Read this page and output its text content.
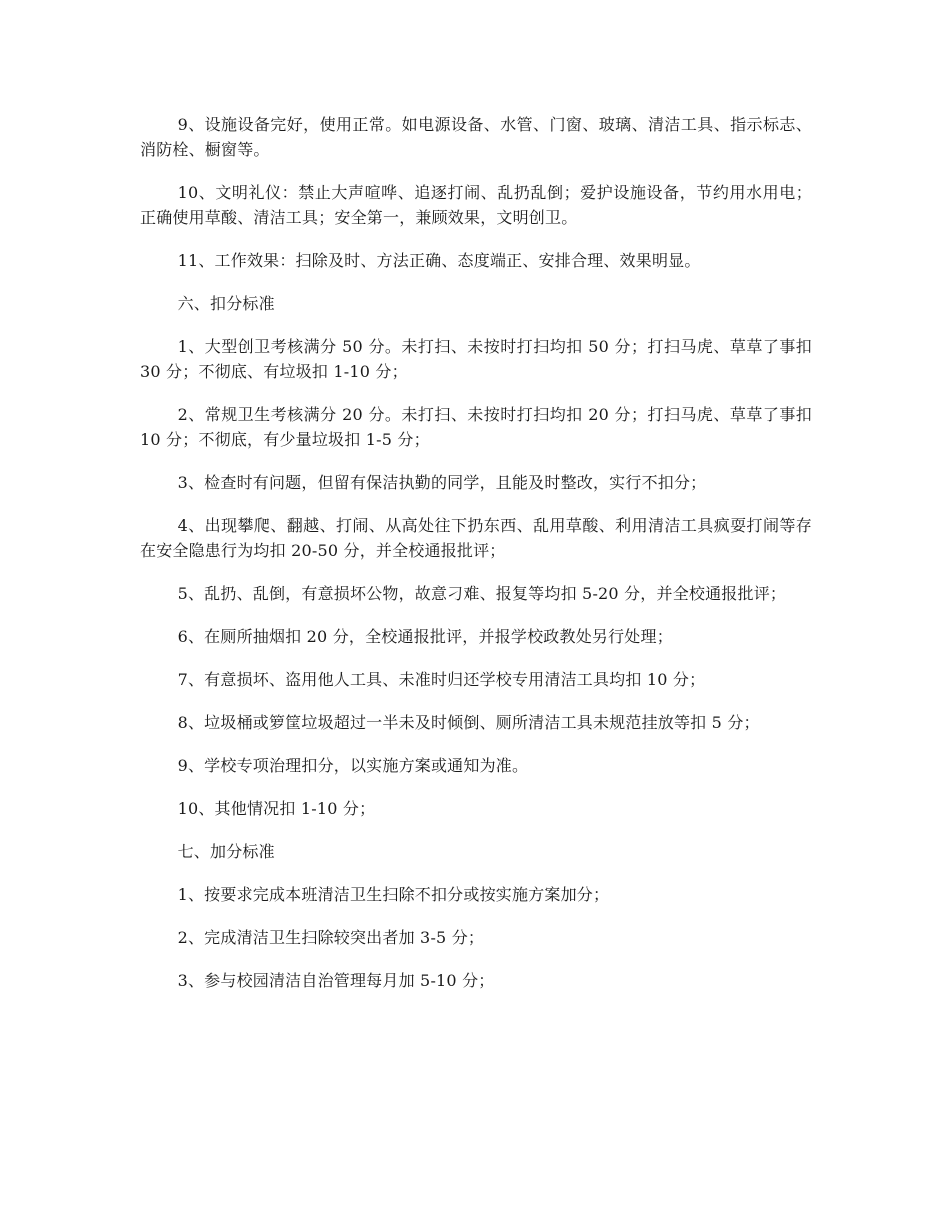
9、设施设备完好，使用正常。如电源设备、水管、门窗、玻璃、清洁工具、指示标志、消防栓、橱窗等。

10、文明礼仪：禁止大声喧哗、追逐打闹、乱扔乱倒；爱护设施设备，节约用水用电；正确使用草酸、清洁工具；安全第一，兼顾效果，文明创卫。

11、工作效果：扫除及时、方法正确、态度端正、安排合理、效果明显。

六、扣分标准

1、大型创卫考核满分 50 分。未打扫、未按时打扫均扣 50 分；打扫马虎、草草了事扣 30 分；不彻底、有垃圾扣 1-10 分；

2、常规卫生考核满分 20 分。未打扫、未按时打扫均扣 20 分；打扫马虎、草草了事扣 10 分；不彻底，有少量垃圾扣 1-5 分；

3、检查时有问题，但留有保洁执勤的同学，且能及时整改，实行不扣分；

4、出现攀爬、翻越、打闹、从高处往下扔东西、乱用草酸、利用清洁工具疯耍打闹等存在安全隐患行为均扣 20-50 分，并全校通报批评；

5、乱扔、乱倒，有意损坏公物，故意刁难、报复等均扣 5-20 分，并全校通报批评；

6、在厕所抽烟扣 20 分，全校通报批评，并报学校政教处另行处理；

7、有意损坏、盗用他人工具、未准时归还学校专用清洁工具均扣 10 分；

8、垃圾桶或箩筐垃圾超过一半未及时倾倒、厕所清洁工具未规范挂放等扣 5 分；

9、学校专项治理扣分，以实施方案或通知为准。

10、其他情况扣 1-10 分；

七、加分标准

1、按要求完成本班清洁卫生扫除不扣分或按实施方案加分；

2、完成清洁卫生扫除较突出者加 3-5 分；

3、参与校园清洁自治管理每月加 5-10 分；
